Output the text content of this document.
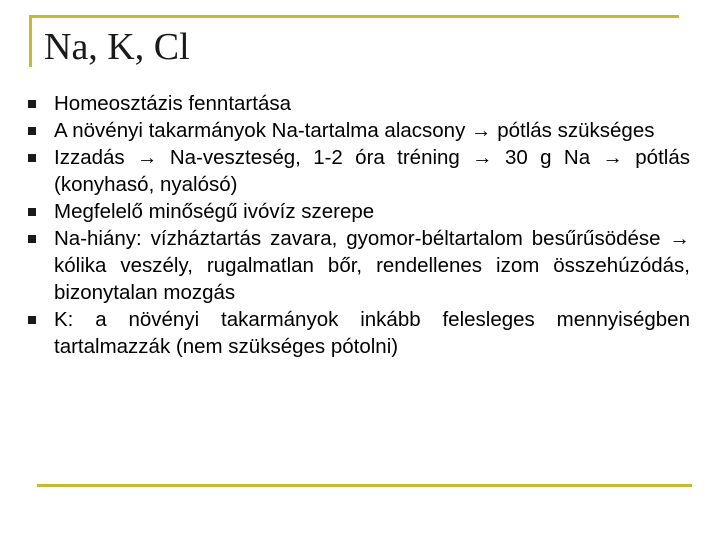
Na, K, Cl
Homeosztázis fenntartása
A növényi takarmányok Na-tartalma alacsony → pótlás szükséges
Izzadás → Na-veszteség, 1-2 óra tréning → 30 g Na → pótlás (konyhasó, nyalósó)
Megfelelő minőségű ivóvíz szerepe
Na-hiány: vízháztartás zavara, gyomor-béltartalom besűrűsödése → kólika veszély, rugalmatlan bőr, rendellenes izom összehúzódás, bizonytalan mozgás
K: a növényi takarmányok inkább felesleges mennyiségben tartalmazzák (nem szükséges pótolni)
